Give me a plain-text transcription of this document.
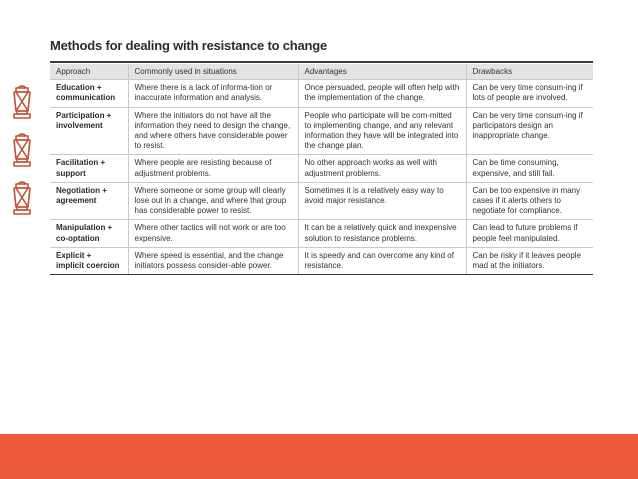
Methods for dealing with resistance to change
Approach	Commonly used in situations	Advantages	Drawbacks
Education + communication	Where there is a lack of informa-tion or inaccurate information and analysis.	Once persuaded, people will often help with the implementation of the change.	Can be very time consum-ing if lots of people are involved.
Participation + involvement	Where the initiators do not have all the information they need to design the change, and where others have considerable power to resist.	People who participate will be com-mitted to implementing change, and any relevant information they have will be integrated into the change plan.	Can be very time consum-ing if participators design an inappropriate change.
Facilitation + support	Where people are resisting because of adjustment problems.	No other approach works as well with adjustment problems.	Can be time consuming, expensive, and still fail.
Negotiation + agreement	Where someone or some group will clearly lose out in a change, and where that group has considerable power to resist.	Sometimes it is a relatively easy way to avoid major resistance.	Can be too expensive in many cases if it alerts others to negotiate for compliance.
Manipulation + co-optation	Where other tactics will not work or are too expensive.	It can be a relatively quick and inexpensive solution to resistance problems.	Can lead to future problems if people feel manipulated.
Explicit + implicit coercion	Where speed is essential, and the change initiators possess consider-able power.	It is speedy and can overcome any kind of resistance.	Can be risky if it leaves people mad at the initiators.
